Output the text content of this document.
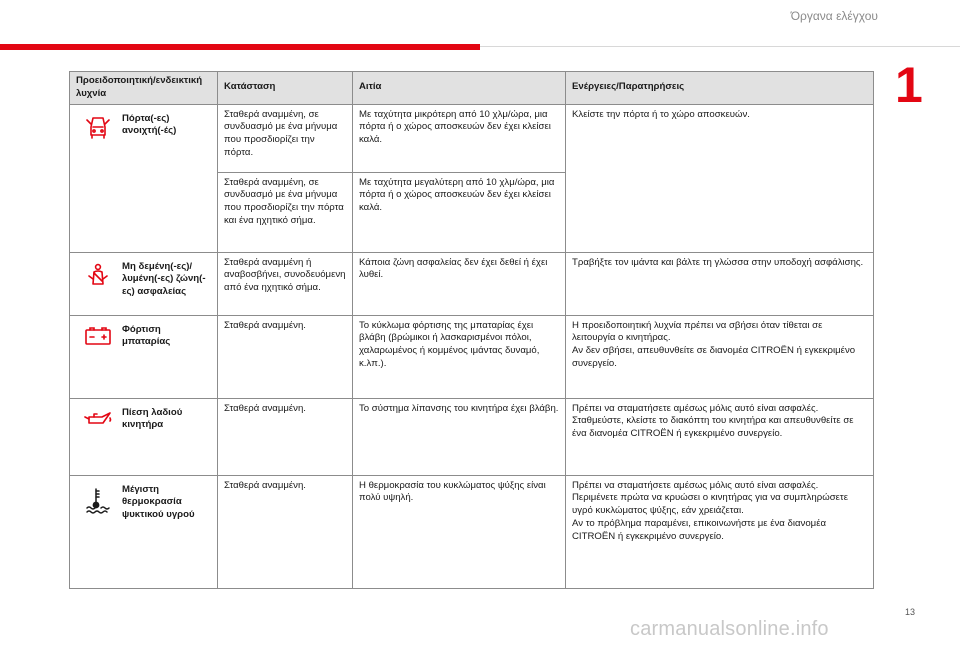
Όργανα ελέγχου
1
Προειδοποιητική/ενδεικτική λυχνία	Κατάσταση	Αιτία	Ενέργειες/Παρατηρήσεις

Πόρτα(-ες) ανοιχτή(-ές)	Σταθερά αναμμένη, σε συνδυασμό με ένα μήνυμα που προσδιορίζει την πόρτα.	Με ταχύτητα μικρότερη από 10 χλμ/ώρα, μια πόρτα ή ο χώρος αποσκευών δεν έχει κλείσει καλά.	Κλείστε την πόρτα ή το χώρο αποσκευών.
	Σταθερά αναμμένη, σε συνδυασμό με ένα μήνυμα που προσδιορίζει την πόρτα και ένα ηχητικό σήμα.	Με ταχύτητα μεγαλύτερη από 10 χλμ/ώρα, μια πόρτα ή ο χώρος αποσκευών δεν έχει κλείσει καλά.	

Μη δεμένη(-ες)/ λυμένη(-ες) ζώνη(-ες) ασφαλείας	Σταθερά αναμμένη ή αναβοσβήνει, συνοδευόμενη από ένα ηχητικό σήμα.	Κάποια ζώνη ασφαλείας δεν έχει δεθεί ή έχει λυθεί.	Τραβήξτε τον ιμάντα και βάλτε τη γλώσσα στην υποδοχή ασφάλισης.

Φόρτιση μπαταρίας	Σταθερά αναμμένη.	Το κύκλωμα φόρτισης της μπαταρίας έχει βλάβη (βρώμικοι ή λασκαρισμένοι πόλοι, χαλαρωμένος ή κομμένος ιμάντας δυναμό, κ.λπ.).	Η προειδοποιητική λυχνία πρέπει να σβήσει όταν τίθεται σε λειτουργία ο κινητήρας.
Αν δεν σβήσει, απευθυνθείτε σε διανομέα CITROËN ή εγκεκριμένο συνεργείο.

Πίεση λαδιού κινητήρα	Σταθερά αναμμένη.	Το σύστημα λίπανσης του κινητήρα έχει βλάβη.	Πρέπει να σταματήσετε αμέσως μόλις αυτό είναι ασφαλές.
Σταθμεύστε, κλείστε το διακόπτη του κινητήρα και απευθυνθείτε σε ένα διανομέα CITROËN ή εγκεκριμένο συνεργείο.

Μέγιστη θερμοκρασία ψυκτικού υγρού	Σταθερά αναμμένη.	Η θερμοκρασία του κυκλώματος ψύξης είναι πολύ υψηλή.	Πρέπει να σταματήσετε αμέσως μόλις αυτό είναι ασφαλές.
Περιμένετε πρώτα να κρυώσει ο κινητήρας για να συμπληρώσετε υγρό κυκλώματος ψύξης, εάν χρειάζεται.
Αν το πρόβλημα παραμένει, επικοινωνήστε με ένα διανομέα CITROËN ή εγκεκριμένο συνεργείο.
13
carmanualsonline.info
